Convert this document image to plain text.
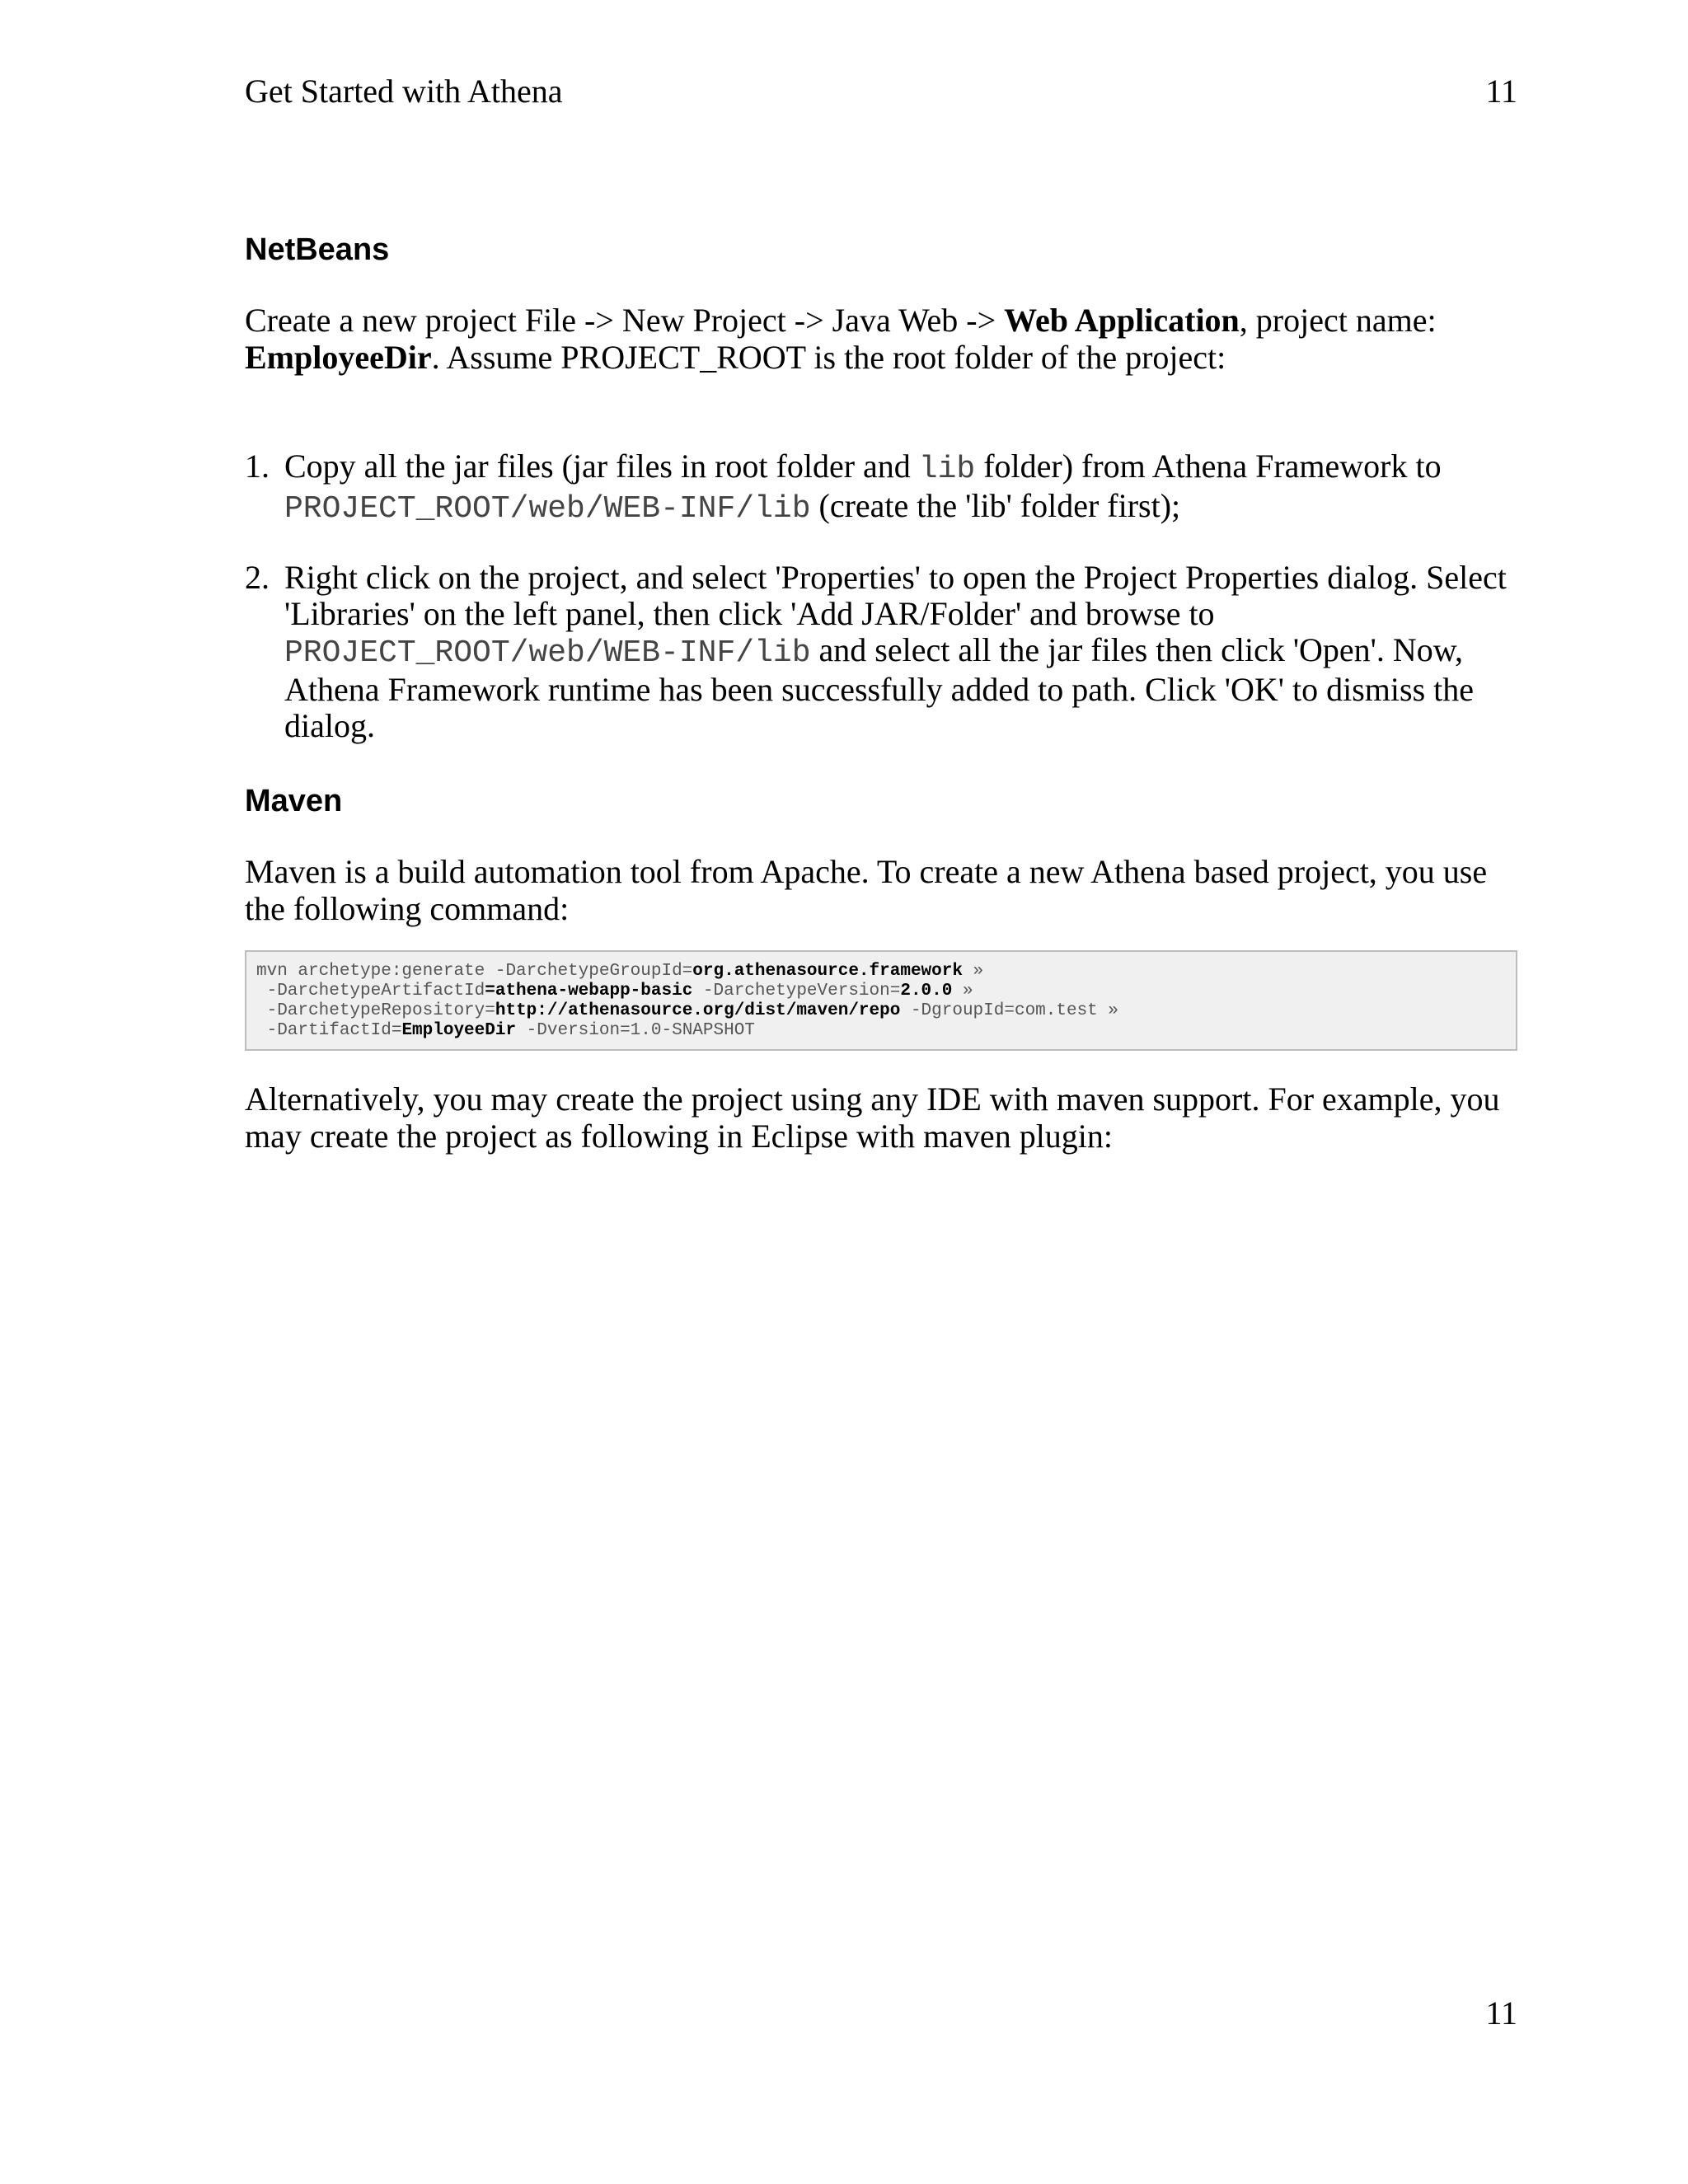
Get Started with Athena	11
NetBeans

Create a new project File -> New Project -> Java Web -> Web Application, project name:
EmployeeDir. Assume PROJECT_ROOT is the root folder of the project:

1. Copy all the jar files (jar files in root folder and lib folder) from Athena Framework to
PROJECT_ROOT/web/WEB-INF/lib (create the 'lib' folder first);
2. Right click on the project, and select 'Properties' to open the Project Properties dialog. Select 'Libraries' on the left panel, then click 'Add JAR/Folder' and browse to PROJECT_ROOT/web/WEB-INF/lib and select all the jar files then click 'Open'. Now, Athena Framework runtime has been successfully added to path. Click 'OK' to dismiss the dialog.
Maven

Maven is a build automation tool from Apache. To create a new Athena based project, you use the following command:

mvn archetype:generate -DarchetypeGroupId=org.athenasource.framework »
-DarchetypeArtifactId=athena-webapp-basic -DarchetypeVersion=2.0.0 »
-DarchetypeRepository=http://athenasource.org/dist/maven/repo -DgroupId=com.test »
-DartifactId=EmployeeDir -Dversion=1.0-SNAPSHOT

Alternatively, you may create the project using any IDE with maven support. For example, you may create the project as following in Eclipse with maven plugin:

11
